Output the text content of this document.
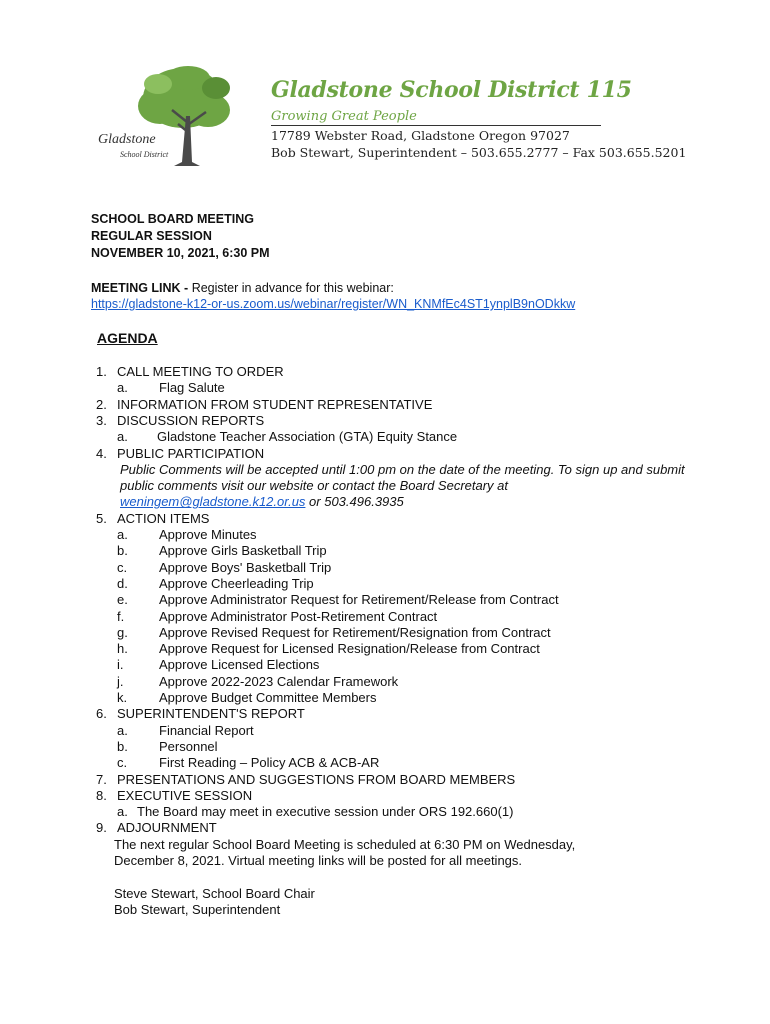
Gladstone
School District
Gladstone School District 115
Growing Great People
17789 Webster Road, Gladstone Oregon 97027
Bob Stewart, Superintendent – 503.655.2777 – Fax 503.655.5201
SCHOOL BOARD MEETING
REGULAR SESSION
NOVEMBER 10, 2021, 6:30 PM
MEETING LINK - Register in advance for this webinar:
https://gladstone-k12-or-us.zoom.us/webinar/register/WN_KNMfEc4ST1ynplB9nODkkw
AGENDA
1. CALL MEETING TO ORDER
a. Flag Salute
2. INFORMATION FROM STUDENT REPRESENTATIVE
3. DISCUSSION REPORTS
a. Gladstone Teacher Association (GTA) Equity Stance
4. PUBLIC PARTICIPATION
Public Comments will be accepted until 1:00 pm on the date of the meeting. To sign up and submit
public comments visit our website or contact the Board Secretary at
weningem@gladstone.k12.or.us or 503.496.3935
5. ACTION ITEMS
a. Approve Minutes
b. Approve Girls Basketball Trip
c. Approve Boys' Basketball Trip
d. Approve Cheerleading Trip
e. Approve Administrator Request for Retirement/Release from Contract
f.	Approve Administrator Post-Retirement Contract
g. Approve Revised Request for Retirement/Resignation from Contract
h. Approve Request for Licensed Resignation/Release from Contract
i.	Approve Licensed Elections
j.	Approve 2022-2023 Calendar Framework
k. Approve Budget Committee Members
6. SUPERINTENDENT'S REPORT
a. Financial Report
b. Personnel
c. First Reading – Policy ACB & ACB-AR
7. PRESENTATIONS AND SUGGESTIONS FROM BOARD MEMBERS
8. EXECUTIVE SESSION
a. The Board may meet in executive session under ORS 192.660(1)
9. ADJOURNMENT
The next regular School Board Meeting is scheduled at 6:30 PM on Wednesday,
December 8, 2021. Virtual meeting links will be posted for all meetings.
Steve Stewart, School Board Chair
Bob Stewart, Superintendent
